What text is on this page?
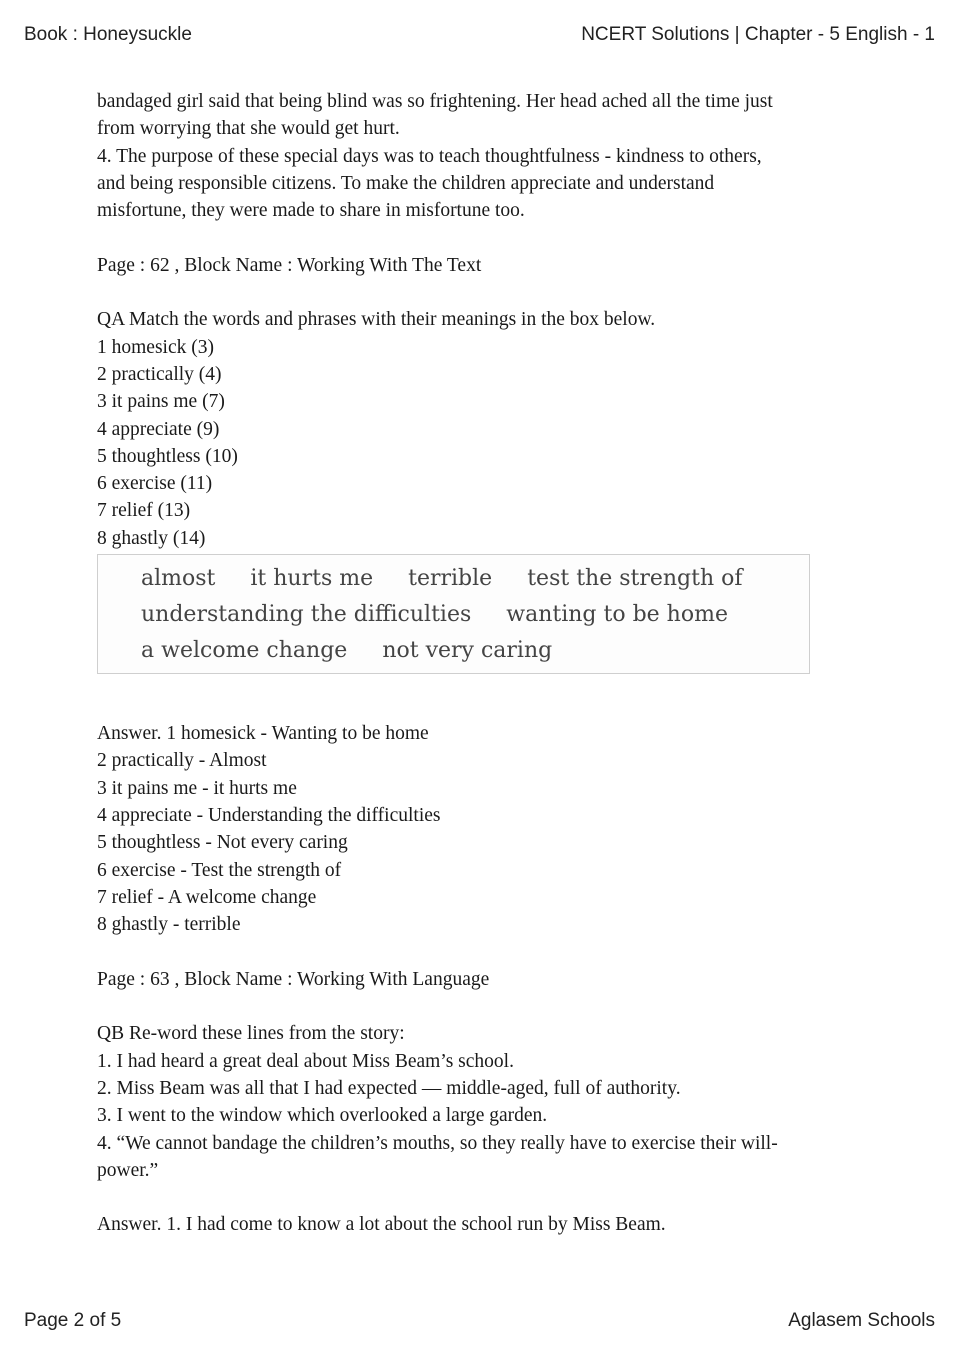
Book : Honeysuckle	NCERT Solutions | Chapter - 5 English - 1

bandaged girl said that being blind was so frightening. Her head ached all the time just
from worrying that she would get hurt.
4. The purpose of these special days was to teach thoughtfulness - kindness to others,
and being responsible citizens. To make the children appreciate and understand
misfortune, they were made to share in misfortune too.

Page : 62 , Block Name : Working With The Text

QA Match the words and phrases with their meanings in the box below.

1 homesick (3)
2 practically (4)
3 it pains me (7)
4 appreciate (9)
5 thoughtless (10)
6 exercise (11)
7 relief (13)
8 ghastly (14)
almost it hurts me terrible test the strength of
understanding the difficulties wanting to be home
a welcome change not very caring
Answer. 1 homesick - Wanting to be home
2 practically - Almost
3 it pains me - it hurts me
4 appreciate - Understanding the difficulties
5 thoughtless - Not every caring
6 exercise - Test the strength of
7 relief - A welcome change
8 ghastly - terrible

Page : 63 , Block Name : Working With Language

QB Re-word these lines from the story:

1. I had heard a great deal about Miss Beam’s school.
2. Miss Beam was all that I had expected — middle-aged, full of authority.
3. I went to the window which overlooked a large garden.
4. “We cannot bandage the children’s mouths, so they really have to exercise their will-
power.”

Answer. 1. I had come to know a lot about the school run by Miss Beam.

Page 2 of 5	Aglasem Schools
